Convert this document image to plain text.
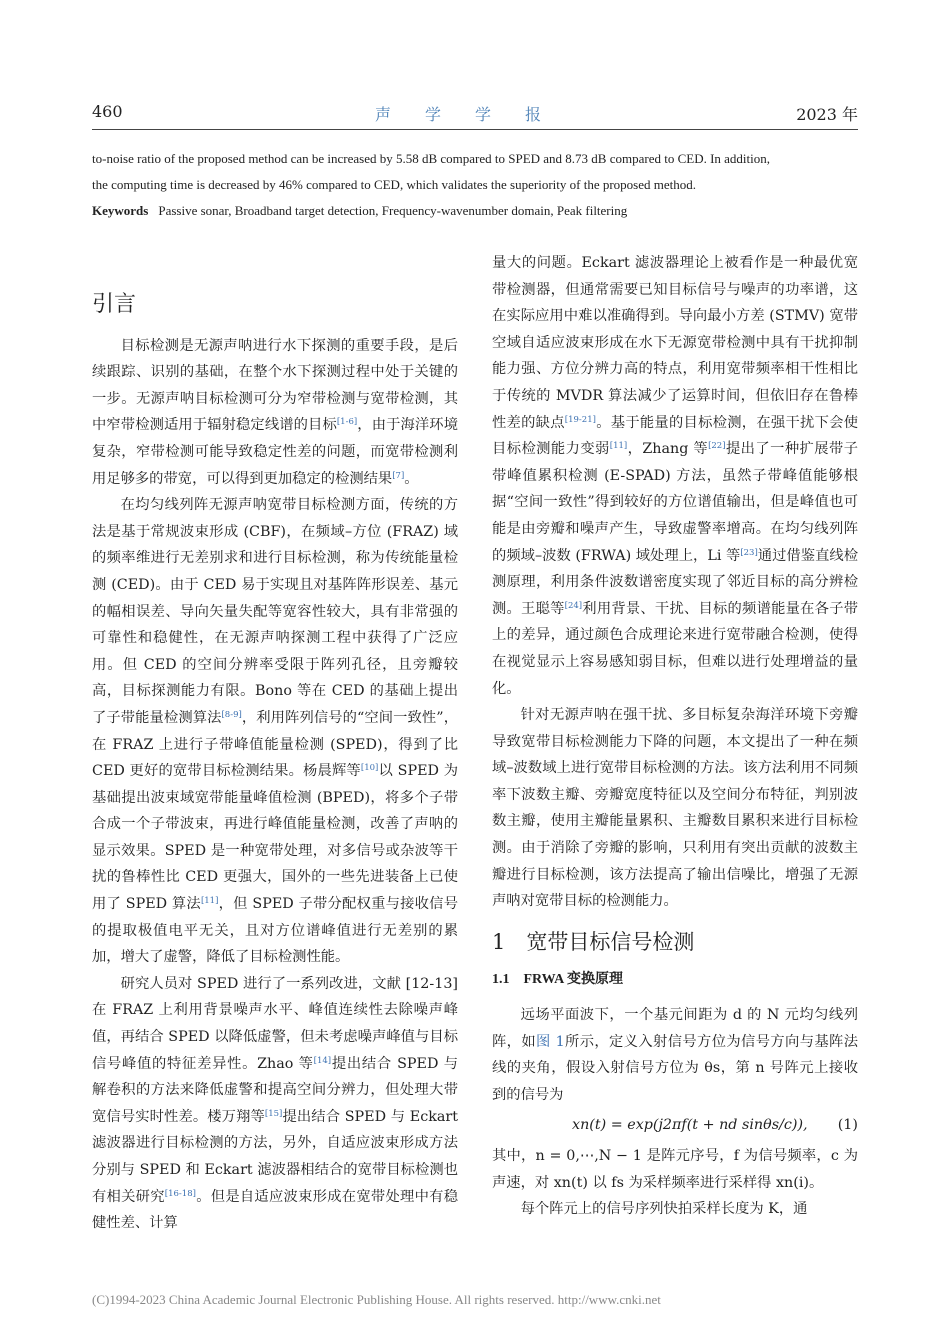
460	声学学报	2023 年
to-noise ratio of the proposed method can be increased by 5.58 dB compared to SPED and 8.73 dB compared to CED. In addition,
the computing time is decreased by 46% compared to CED, which validates the superiority of the proposed method.
Keywords Passive sonar, Broadband target detection, Frequency-wavenumber domain, Peak filtering
引言

目标检测是无源声呐进行水下探测的重要手段，是后续跟踪、识别的基础，在整个水下探测过程中处于关键的一步。无源声呐目标检测可分为窄带检测与宽带检测，其中窄带检测适用于辐射稳定线谱的目标[1-6]，由于海洋环境复杂，窄带检测可能导致稳定性差的问题，而宽带检测利用足够多的带宽，可以得到更加稳定的检测结果[7]。

在均匀线列阵无源声呐宽带目标检测方面，传统的方法是基于常规波束形成 (CBF)，在频域–方位 (FRAZ) 域的频率维进行无差别求和进行目标检测，称为传统能量检测 (CED)。由于 CED 易于实现且对基阵阵形误差、基元的幅相误差、导向矢量失配等宽容性较大，具有非常强的可靠性和稳健性，在无源声呐探测工程中获得了广泛应用。但 CED 的空间分辨率受限于阵列孔径，且旁瓣较高，目标探测能力有限。Bono 等在 CED 的基础上提出了子带能量检测算法[8-9]，利用阵列信号的“空间一致性”，在 FRAZ 上进行子带峰值能量检测 (SPED)，得到了比 CED 更好的宽带目标检测结果。杨晨辉等[10]以 SPED 为基础提出波束域宽带能量峰值检测 (BPED)，将多个子带合成一个子带波束，再进行峰值能量检测，改善了声呐的显示效果。SPED 是一种宽带处理，对多信号或杂波等干扰的鲁棒性比 CED 更强大，国外的一些先进装备上已使用了 SPED 算法[11]，但 SPED 子带分配权重与接收信号的提取极值电平无关，且对方位谱峰值进行无差别的累加，增大了虚警，降低了目标检测性能。

研究人员对 SPED 进行了一系列改进，文献 [12-13] 在 FRAZ 上利用背景噪声水平、峰值连续性去除噪声峰值，再结合 SPED 以降低虚警，但未考虑噪声峰值与目标信号峰值的特征差异性。Zhao 等[14]提出结合 SPED 与解卷积的方法来降低虚警和提高空间分辨力，但处理大带宽信号实时性差。楼万翔等[15]提出结合 SPED 与 Eckart 滤波器进行目标检测的方法，另外，自适应波束形成方法分别与 SPED 和 Eckart 滤波器相结合的宽带目标检测也有相关研究[16-18]。但是自适应波束形成在宽带处理中有稳健性差、计算

量大的问题。Eckart 滤波器理论上被看作是一种最优宽带检测器，但通常需要已知目标信号与噪声的功率谱，这在实际应用中难以准确得到。导向最小方差 (STMV) 宽带空域自适应波束形成在水下无源宽带检测中具有干扰抑制能力强、方位分辨力高的特点，利用宽带频率相干性相比于传统的 MVDR 算法减少了运算时间，但依旧存在鲁棒性差的缺点[19-21]。基于能量的目标检测，在强干扰下会使目标检测能力变弱[11]，Zhang 等[22]提出了一种扩展带子带峰值累积检测 (E-SPAD) 方法，虽然子带峰值能够根据“空间一致性”得到较好的方位谱值输出，但是峰值也可能是由旁瓣和噪声产生，导致虚警率增高。在均匀线列阵的频域–波数 (FRWA) 域处理上，Li 等[23]通过借鉴直线检测原理，利用条件波数谱密度实现了邻近目标的高分辨检测。王聪等[24]利用背景、干扰、目标的频谱能量在各子带上的差异，通过颜色合成理论来进行宽带融合检测，使得在视觉显示上容易感知弱目标，但难以进行处理增益的量化。

针对无源声呐在强干扰、多目标复杂海洋环境下旁瓣导致宽带目标检测能力下降的问题，本文提出了一种在频域–波数域上进行宽带目标检测的方法。该方法利用不同频率下波数主瓣、旁瓣宽度特征以及空间分布特征，判别波数主瓣，使用主瓣能量累积、主瓣数目累积来进行目标检测。由于消除了旁瓣的影响，只利用有突出贡献的波数主瓣进行目标检测，该方法提高了输出信噪比，增强了无源声呐对宽带目标的检测能力。

1　宽带目标信号检测
1.1　FRWA 变换原理

远场平面波下，一个基元间距为 d 的 N 元均匀线列阵，如图 1所示，定义入射信号方位为信号方向与基阵法线的夹角，假设入射信号方位为 θs，第 n 号阵元上接收到的信号为

xn(t) = exp(j2πf(t + nd sinθs/c)), (1)

其中，n = 0,⋯,N − 1 是阵元序号，f 为信号频率，c 为声速，对 xn(t) 以 fs 为采样频率进行采样得 xn(i)。

每个阵元上的信号序列快拍采样长度为 K，通

(C)1994-2023 China Academic Journal Electronic Publishing House. All rights reserved. http://www.cnki.net
